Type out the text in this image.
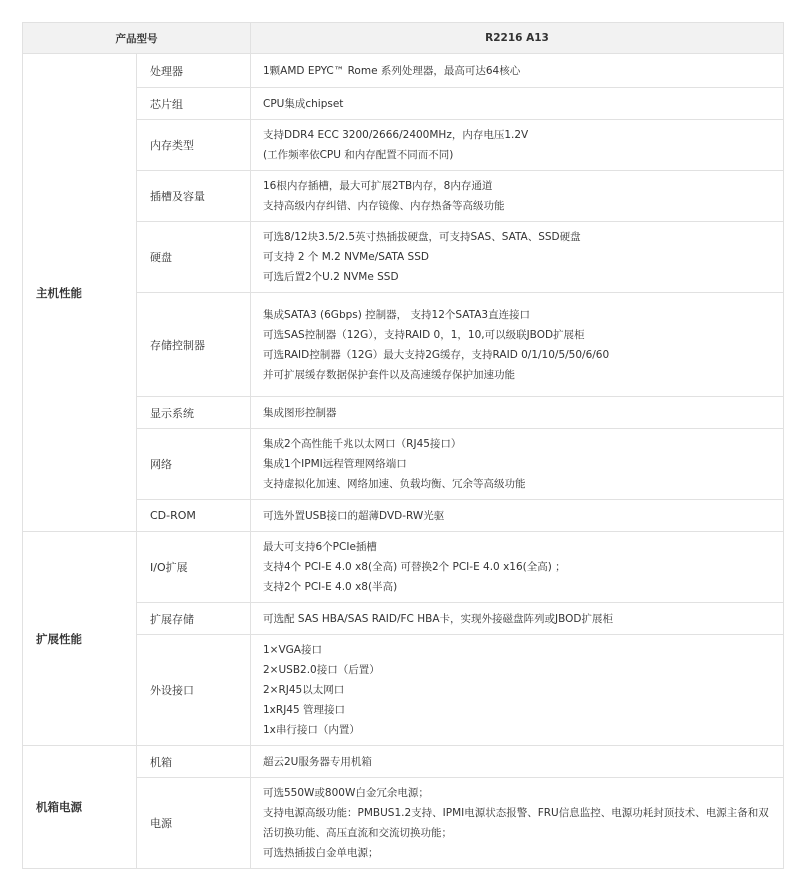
产品型号		R2216 A13
主机性能	处理器	1颗AMD EPYC™ Rome 系列处理器，最高可达64核心

	芯片组	CPU集成chipset

	内存类型	支持DDR4 ECC 3200/2666/2400MHz，内存电压1.2V
(工作频率依CPU 和内存配置不同而不同)

	插槽及容量	16根内存插槽，最大可扩展2TB内存，8内存通道
支持高级内存纠错、内存镜像、内存热备等高级功能

	硬盘	可选8/12块3.5/2.5英寸热插拔硬盘，可支持SAS、SATA、SSD硬盘
可支持 2 个 M.2 NVMe/SATA SSD
可选后置2个U.2 NVMe SSD

	存储控制器	集成SATA3 (6Gbps) 控制器， 支持12个SATA3直连接口
可选SAS控制器（12G），支持RAID 0，1，10,可以级联JBOD扩展柜
可选RAID控制器（12G）最大支持2G缓存，支持RAID 0/1/10/5/50/6/60
并可扩展缓存数据保护套件以及高速缓存保护加速功能

	显示系统	集成图形控制器

	网络	集成2个高性能千兆以太网口（RJ45接口）
集成1个IPMI远程管理网络端口
支持虚拟化加速、网络加速、负载均衡、冗余等高级功能

	CD-ROM	可选外置USB接口的超薄DVD-RW光驱

扩展性能	I/O扩展	最大可支持6个PCIe插槽
支持4个 PCI-E 4.0 x8(全高) 可替换2个 PCI-E 4.0 x16(全高) ；
支持2个 PCI-E 4.0 x8(半高)

	扩展存储	可选配 SAS HBA/SAS RAID/FC HBA卡，实现外接磁盘阵列或JBOD扩展柜

	外设接口	1×VGA接口
2×USB2.0接口（后置）
2×RJ45以太网口
1xRJ45 管理接口
1x串行接口（内置）

机箱电源	机箱	超云2U服务器专用机箱

	电源	可选550W或800W白金冗余电源；
支持电源高级功能：PMBUS1.2支持、IPMI电源状态报警、FRU信息监控、电源功耗封顶技术、电源主备和双活切换功能、高压直流和交流切换功能；
可选热插拔白金单电源；
